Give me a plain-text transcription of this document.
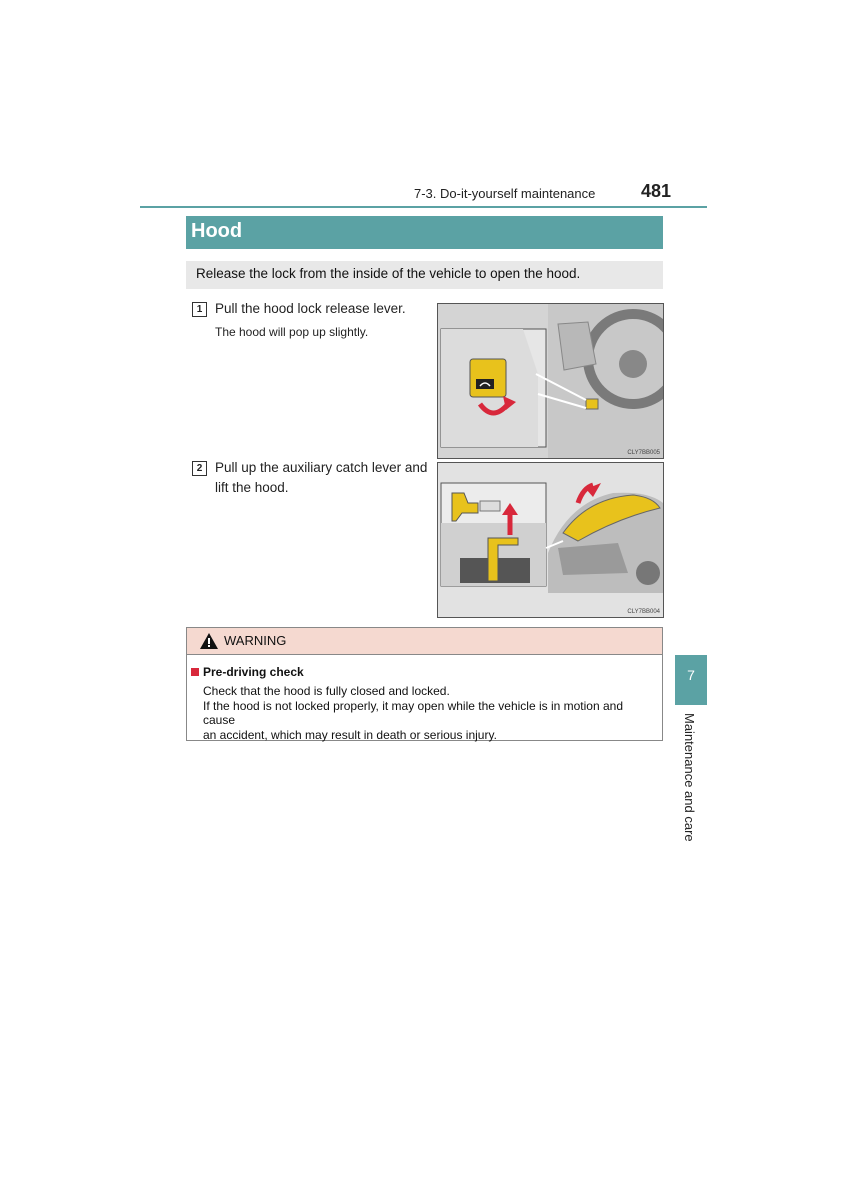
7-3. Do-it-yourself maintenance	481
Hood
Release the lock from the inside of the vehicle to open the hood.
1 Pull the hood lock release lever.
The hood will pop up slightly.
CLY7BB005
2 Pull up the auxiliary catch lever and
lift the hood.
CLY7BB004
WARNING
Pre-driving check
Check that the hood is fully closed and locked.
If the hood is not locked properly, it may open while the vehicle is in motion and cause
an accident, which may result in death or serious injury.
7
Maintenance and care
